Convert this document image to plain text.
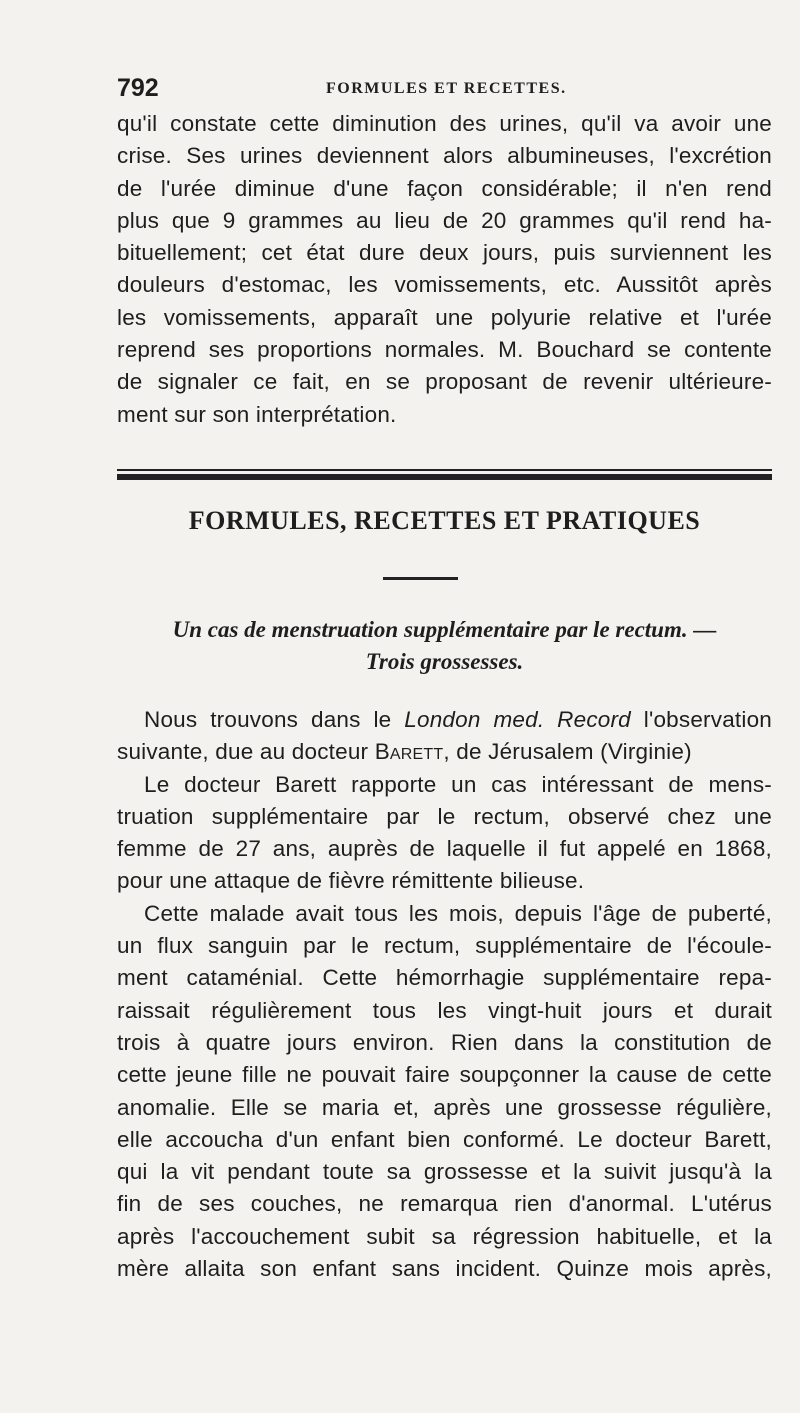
792	FORMULES ET RECETTES.
qu'il constate cette diminution des urines, qu'il va avoir une
crise. Ses urines deviennent alors albumineuses, l'excrétion
de l'urée diminue d'une façon considérable; il n'en rend
plus que 9 grammes au lieu de 20 grammes qu'il rend ha-
bituellement; cet état dure deux jours, puis surviennent les
douleurs d'estomac, les vomissements, etc. Aussitôt après
les vomissements, apparaît une polyurie relative et l'urée
reprend ses proportions normales. M. Bouchard se contente
de signaler ce fait, en se proposant de revenir ultérieure-
ment sur son interprétation.
FORMULES, RECETTES ET PRATIQUES
Un cas de menstruation supplémentaire par le rectum. —
Trois grossesses.
Nous trouvons dans le London med. Record l'observation
suivante, due au docteur Barett, de Jérusalem (Virginie)
Le docteur Barett rapporte un cas intéressant de mens-
truation supplémentaire par le rectum, observé chez une
femme de 27 ans, auprès de laquelle il fut appelé en 1868,
pour une attaque de fièvre rémittente bilieuse.
Cette malade avait tous les mois, depuis l'âge de puberté,
un flux sanguin par le rectum, supplémentaire de l'écoule-
ment cataménial. Cette hémorrhagie supplémentaire repa-
raissait régulièrement tous les vingt-huit jours et durait
trois à quatre jours environ. Rien dans la constitution de
cette jeune fille ne pouvait faire soupçonner la cause de cette
anomalie. Elle se maria et, après une grossesse régulière,
elle accoucha d'un enfant bien conformé. Le docteur Barett,
qui la vit pendant toute sa grossesse et la suivit jusqu'à la
fin de ses couches, ne remarqua rien d'anormal. L'utérus
après l'accouchement subit sa régression habituelle, et la
mère allaita son enfant sans incident. Quinze mois après,
